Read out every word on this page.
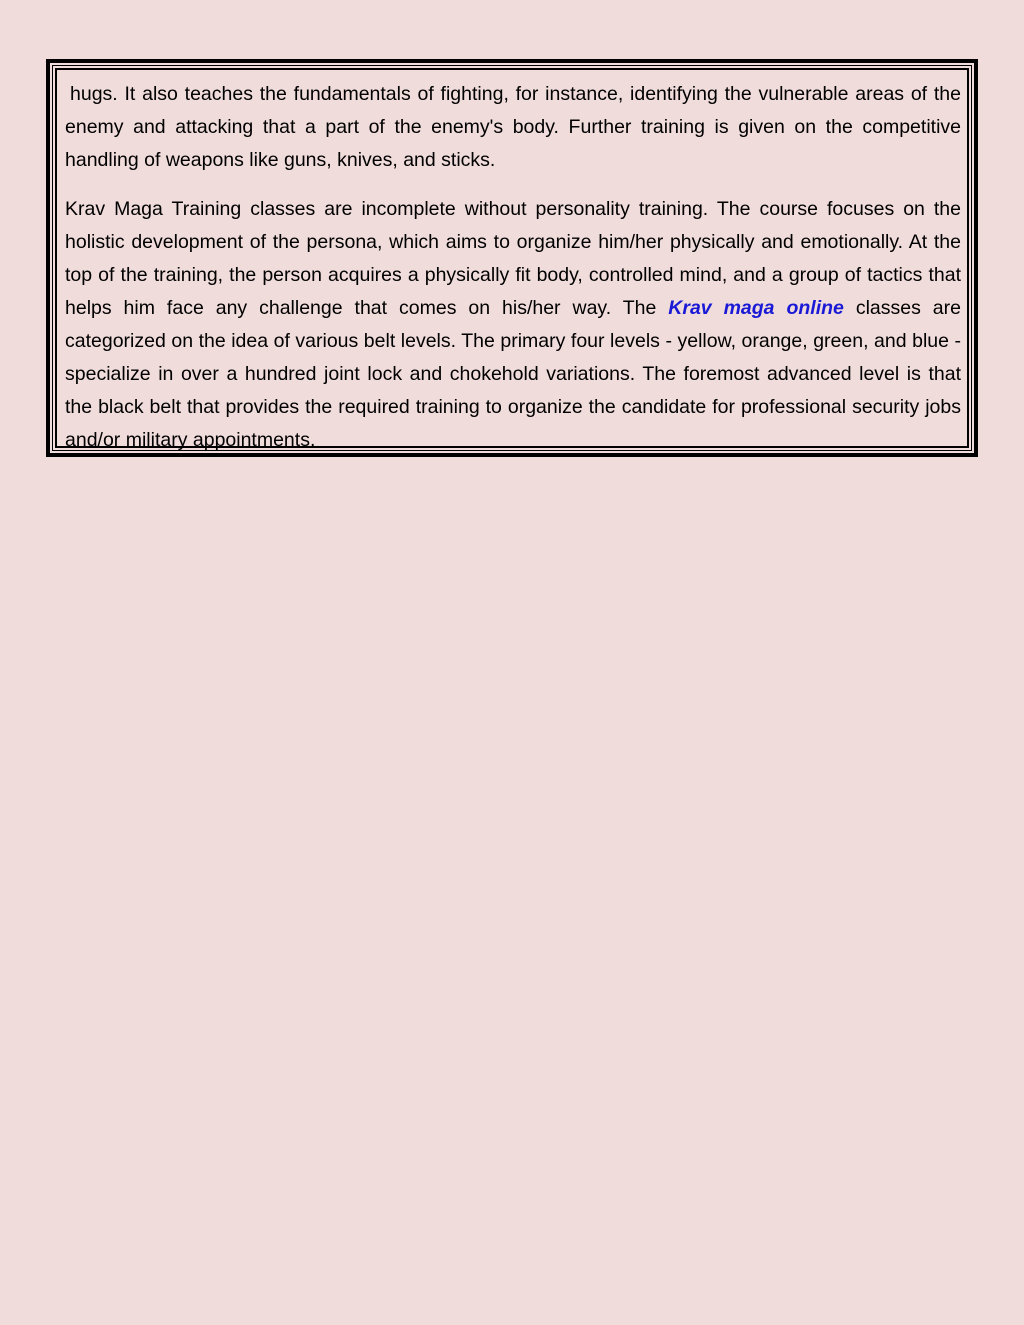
hugs. It also teaches the fundamentals of fighting, for instance, identifying the vulnerable areas of the enemy and attacking that a part of the enemy's body. Further training is given on the competitive handling of weapons like guns, knives, and sticks.

Krav Maga Training classes are incomplete without personality training. The course focuses on the holistic development of the persona, which aims to organize him/her physically and emotionally. At the top of the training, the person acquires a physically fit body, controlled mind, and a group of tactics that helps him face any challenge that comes on his/her way. The Krav maga online classes are categorized on the idea of various belt levels. The primary four levels - yellow, orange, green, and blue - specialize in over a hundred joint lock and chokehold variations. The foremost advanced level is that the black belt that provides the required training to organize the candidate for professional security jobs and/or military appointments.
